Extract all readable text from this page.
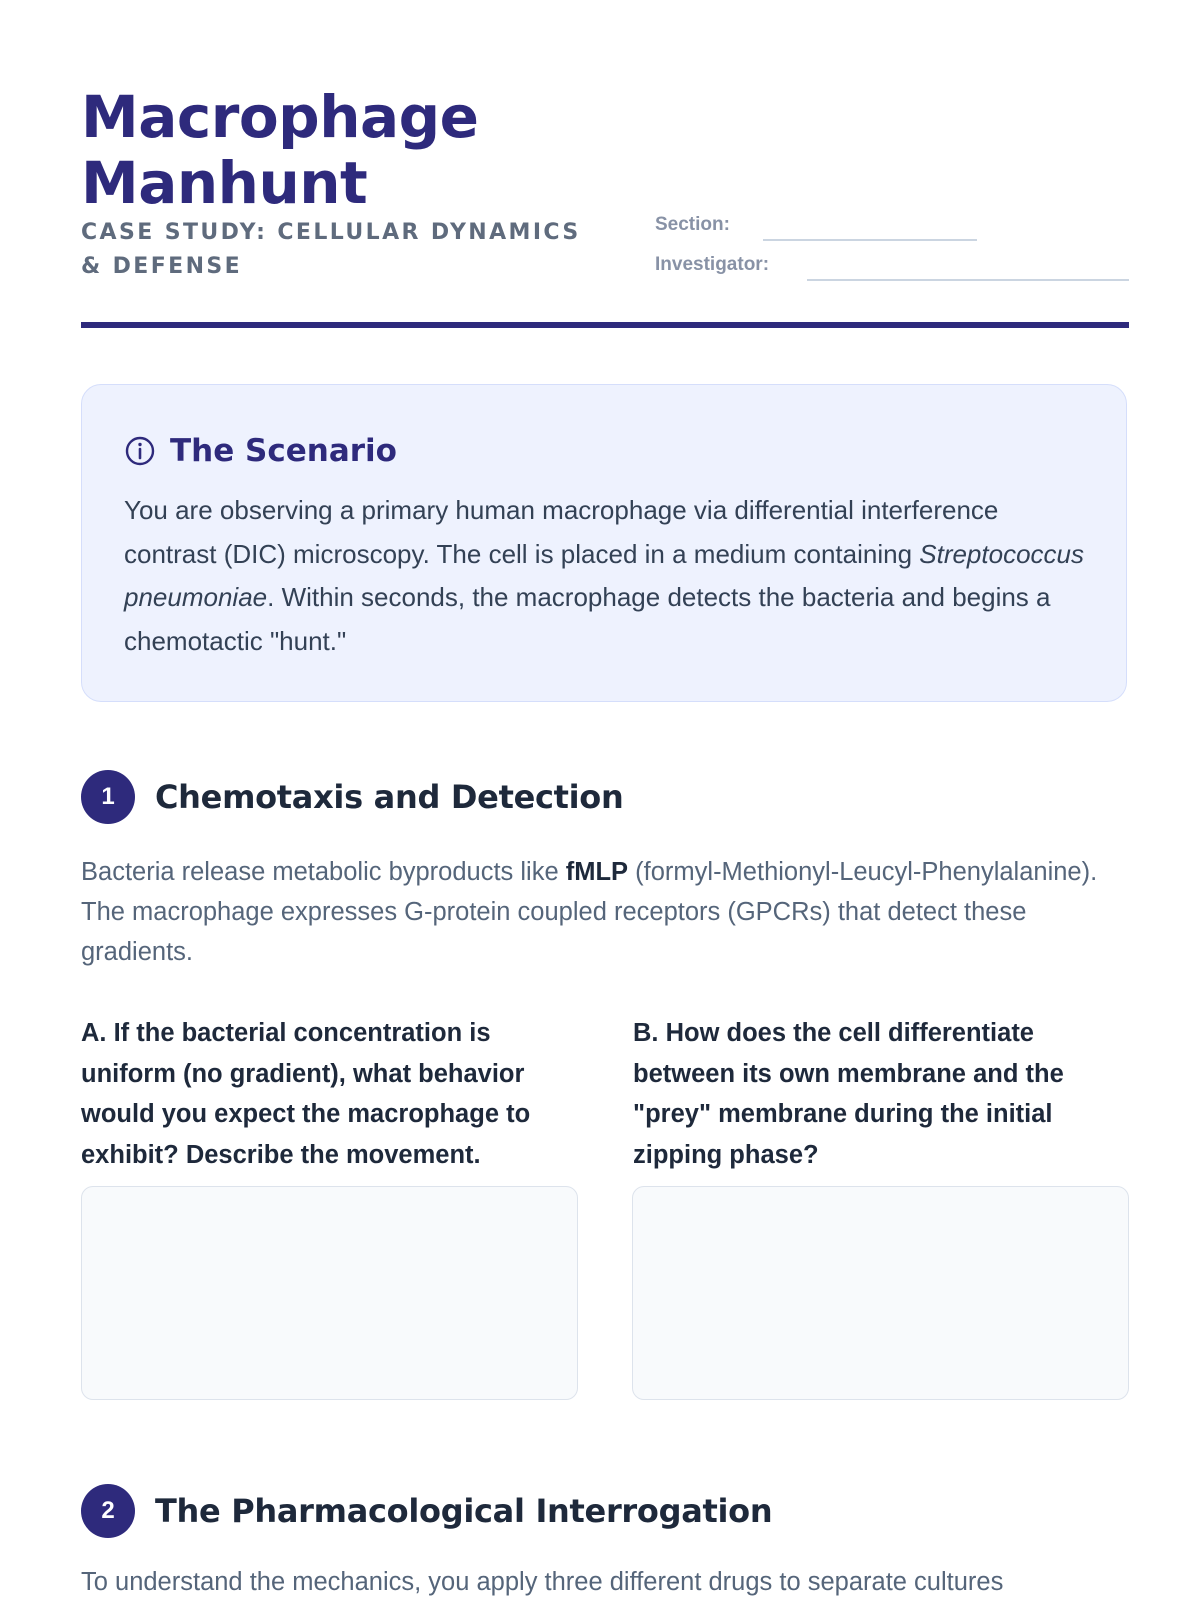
Macrophage
Manhunt
CASE STUDY: CELLULAR DYNAMICS & DEFENSE
Section:
Investigator:
The Scenario

You are observing a primary human macrophage via differential interference contrast (DIC) microscopy. The cell is placed in a medium containing Streptococcus pneumoniae. Within seconds, the macrophage detects the bacteria and begins a chemotactic "hunt."

1	Chemotaxis and Detection

Bacteria release metabolic byproducts like fMLP (formyl-Methionyl-Leucyl-Phenylalanine). The macrophage expresses G-protein coupled receptors (GPCRs) that detect these gradients.

A. If the bacterial concentration is uniform (no gradient), what behavior would you expect the macrophage to exhibit? Describe the movement.
B. How does the cell differentiate between its own membrane and the "prey" membrane during the initial zipping phase?
2	The Pharmacological Interrogation

To understand the mechanics, you apply three different drugs to separate cultures
